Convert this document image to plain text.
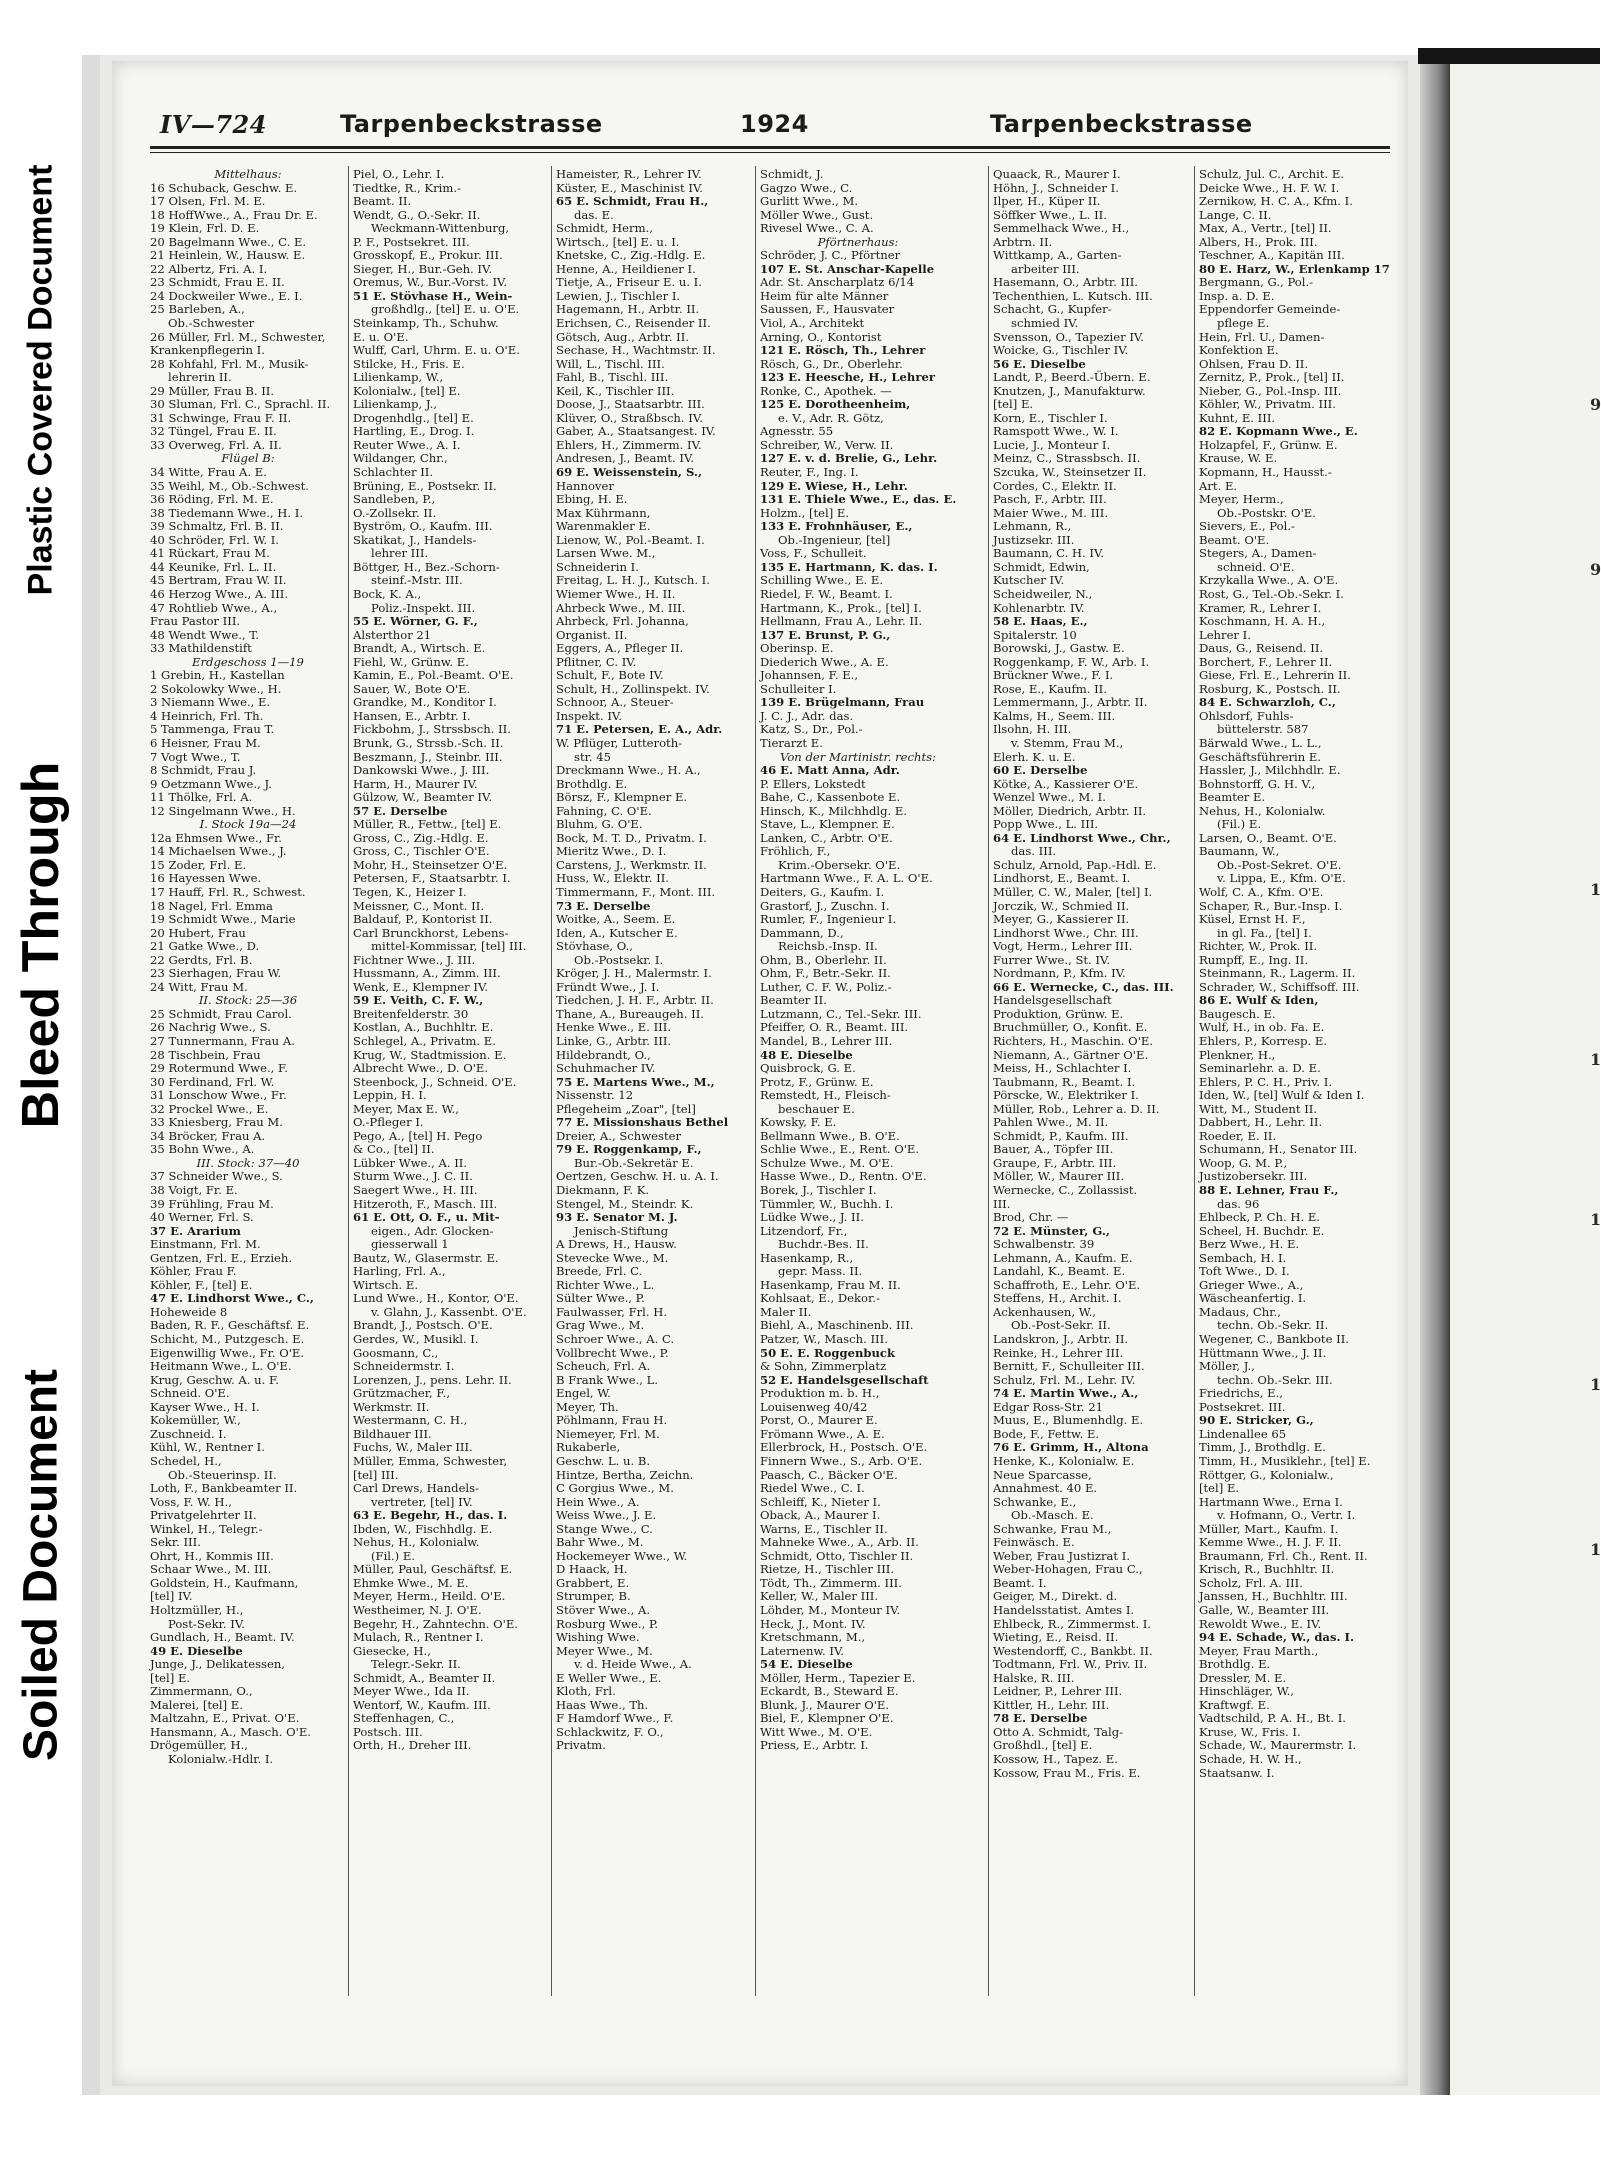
Plastic Covered Document
Bleed Through
Soiled Document
9
9
1
1
1
1
1
IV—724	Tarpenbeckstrasse	1924	Tarpenbeckstrasse
Mittelhaus:
16 Schuback, Geschw. E.
17 Olsen, Frl. M. E.
18 HoffWwe., A., Frau Dr. E.
19 Klein, Frl. D. E.
20 Bagelmann Wwe., C. E.
21 Heinlein, W., Hausw. E.
22 Albertz, Fri. A. I.
23 Schmidt, Frau E. II.
24 Dockweiler Wwe., E. I.
25 Barleben, A.,
Ob.-Schwester
26 Müller, Frl. M., Schwester,
Krankenpflegerin I.
28 Kohfahl, Frl. M., Musik-
lehrerin II.
29 Müller, Frau B. II.
30 Sluman, Frl. C., Sprachl. II.
31 Schwinge, Frau F. II.
32 Tüngel, Frau E. II.
33 Overweg, Frl. A. II.
Flügel B:
34 Witte, Frau A. E.
35 Weihl, M., Ob.-Schwest.
36 Röding, Frl. M. E.
38 Tiedemann Wwe., H. I.
39 Schmaltz, Frl. B. II.
40 Schröder, Frl. W. I.
41 Rückart, Frau M.
44 Keunike, Frl. L. II.
45 Bertram, Frau W. II.
46 Herzog Wwe., A. III.
47 Rohtlieb Wwe., A.,
Frau Pastor III.
48 Wendt Wwe., T.
33 Mathildenstift
Erdgeschoss 1—19
1 Grebin, H., Kastellan
2 Sokolowky Wwe., H.
3 Niemann Wwe., E.
4 Heinrich, Frl. Th.
5 Tammenga, Frau T.
6 Heisner, Frau M.
7 Vogt Wwe., T.
8 Schmidt, Frau J.
9 Oetzmann Wwe., J.
11 Thölke, Frl. A.
12 Singelmann Wwe., H.
I. Stock 19a—24
12a Ehmsen Wwe., Fr.
14 Michaelsen Wwe., J.
15 Zoder, Frl. E.
16 Hayessen Wwe.
17 Hauff, Frl. R., Schwest.
18 Nagel, Frl. Emma
19 Schmidt Wwe., Marie
20 Hubert, Frau
21 Gatke Wwe., D.
22 Gerdts, Frl. B.
23 Sierhagen, Frau W.
24 Witt, Frau M.
II. Stock: 25—36
25 Schmidt, Frau Carol.
26 Nachrig Wwe., S.
27 Tunnermann, Frau A.
28 Tischbein, Frau
29 Rotermund Wwe., F.
30 Ferdinand, Frl. W.
31 Lonschow Wwe., Fr.
32 Prockel Wwe., E.
33 Kniesberg, Frau M.
34 Bröcker, Frau A.
35 Bohn Wwe., A.
III. Stock: 37—40
37 Schneider Wwe., S.
38 Voigt, Fr. E.
39 Frühling, Frau M.
40 Werner, Frl. S.
37 E. Ararium
Einstmann, Frl. M.
Gentzen, Frl. E., Erzieh.
Köhler, Frau F.
Köhler, F., [tel] E.
47 E. Lindhorst Wwe., C.,
Hoheweide 8
Baden, R. F., Geschäftsf. E.
Schicht, M., Putzgesch. E.
Eigenwillig Wwe., Fr. O'E.
Heitmann Wwe., L. O'E.
Krug, Geschw. A. u. F.
Schneid. O'E.
Kayser Wwe., H. I.
Kokemüller, W.,
Zuschneid. I.
Kühl, W., Rentner I.
Schedel, H.,
Ob.-Steuerinsp. II.
Loth, F., Bankbeamter II.
Voss, F. W. H.,
Privatgelehrter II.
Winkel, H., Telegr.-
Sekr. III.
Ohrt, H., Kommis III.
Schaar Wwe., M. III.
Goldstein, H., Kaufmann,
[tel] IV.
Holtzmüller, H.,
Post-Sekr. IV.
Gundlach, H., Beamt. IV.
49 E. Dieselbe
Junge, J., Delikatessen,
[tel] E.
Zimmermann, O.,
Malerei, [tel] E.
Maltzahn, E., Privat. O'E.
Hansmann, A., Masch. O'E.
Drögemüller, H.,
Kolonialw.-Hdlr. I.
Piel, O., Lehr. I.
Tiedtke, R., Krim.-
Beamt. II.
Wendt, G., O.-Sekr. II.
Weckmann-Wittenburg,
P. F., Postsekret. III.
Grosskopf, E., Prokur. III.
Sieger, H., Bur.-Geh. IV.
Oremus, W., Bur.-Vorst. IV.
51 E. Stövhase H., Wein-
großhdlg., [tel] E. u. O'E.
Steinkamp, Th., Schuhw.
E. u. O'E.
Wulff, Carl, Uhrm. E. u. O'E.
Stilcke, H., Fris. E.
Lilienkamp, W.,
Kolonialw., [tel] E.
Lilienkamp, J.,
Drogenhdlg., [tel] E.
Hartling, E., Drog. I.
Reuter Wwe., A. I.
Wildanger, Chr.,
Schlachter II.
Brüning, E., Postsekr. II.
Sandleben, P.,
O.-Zollsekr. II.
Byström, O., Kaufm. III.
Skatikat, J., Handels-
lehrer III.
Böttger, H., Bez.-Schorn-
steinf.-Mstr. III.
Bock, K. A.,
Poliz.-Inspekt. III.
55 E. Wörner, G. F.,
Alsterthor 21
Brandt, A., Wirtsch. E.
Fiehl, W., Grünw. E.
Kamin, E., Pol.-Beamt. O'E.
Sauer, W., Bote O'E.
Grandke, M., Konditor I.
Hansen, E., Arbtr. I.
Fickbohm, J., Strssbsch. II.
Brunk, G., Strssb.-Sch. II.
Beszmann, J., Steinbr. III.
Dankowski Wwe., J. III.
Harm, H., Maurer IV.
Gülzow, W., Beamter IV.
57 E. Derselbe
Müller, R., Fettw., [tel] E.
Gross, C., Zig.-Hdlg. E.
Gross, C., Tischler O'E.
Mohr, H., Steinsetzer O'E.
Petersen, F., Staatsarbtr. I.
Tegen, K., Heizer I.
Meissner, C., Mont. II.
Baldauf, P., Kontorist II.
Carl Brunckhorst, Lebens-
mittel-Kommissar, [tel] III.
Fichtner Wwe., J. III.
Hussmann, A., Zimm. III.
Wenk, E., Klempner IV.
59 E. Veith, C. F. W.,
Breitenfelderstr. 30
Kostlan, A., Buchhltr. E.
Schlegel, A., Privatm. E.
Krug, W., Stadtmission. E.
Albrecht Wwe., D. O'E.
Steenbock, J., Schneid. O'E.
Leppin, H. I.
Meyer, Max E. W.,
O.-Pfleger I.
Pego, A., [tel] H. Pego
& Co., [tel] II.
Lübker Wwe., A. II.
Sturm Wwe., J. C. II.
Saegert Wwe., H. III.
Hitzeroth, F., Masch. III.
61 E. Ott, O. F., u. Mit-
eigen., Adr. Glocken-
giesserwall 1
Bautz, W., Glasermstr. E.
Harling, Frl. A.,
Wirtsch. E.
Lund Wwe., H., Kontor, O'E.
v. Glahn, J., Kassenbt. O'E.
Brandt, J., Postsch. O'E.
Gerdes, W., Musikl. I.
Goosmann, C.,
Schneidermstr. I.
Lorenzen, J., pens. Lehr. II.
Grützmacher, F.,
Werkmstr. II.
Westermann, C. H.,
Bildhauer III.
Fuchs, W., Maler III.
Müller, Emma, Schwester,
[tel] III.
Carl Drews, Handels-
vertreter, [tel] IV.
63 E. Begehr, H., das. I.
Ibden, W., Fischhdlg. E.
Nehus, H., Kolonialw.
(Fil.) E.
Müller, Paul, Geschäftsf. E.
Ehmke Wwe., M. E.
Meyer, Herm., Heild. O'E.
Westheimer, N. J. O'E.
Begehr, H., Zahntechn. O'E.
Mulach, R., Rentner I.
Giesecke, H.,
Telegr.-Sekr. II.
Schmidt, A., Beamter II.
Meyer Wwe., Ida II.
Wentorf, W., Kaufm. III.
Steffenhagen, C.,
Postsch. III.
Orth, H., Dreher III.
Hameister, R., Lehrer IV.
Küster, E., Maschinist IV.
65 E. Schmidt, Frau H.,
das. E.
Schmidt, Herm.,
Wirtsch., [tel] E. u. I.
Knetske, C., Zig.-Hdlg. E.
Henne, A., Heildiener I.
Tietje, A., Friseur E. u. I.
Lewien, J., Tischler I.
Hagemann, H., Arbtr. II.
Erichsen, C., Reisender II.
Götsch, Aug., Arbtr. II.
Sechase, H., Wachtmstr. II.
Will, L., Tischl. III.
Fahl, B., Tischl. III.
Keil, K., Tischler III.
Doose, J., Staatsarbtr. III.
Klüver, O., Straßbsch. IV.
Gaber, A., Staatsangest. IV.
Ehlers, H., Zimmerm. IV.
Andresen, J., Beamt. IV.
69 E. Weissenstein, S.,
Hannover
Ebing, H. E.
Max Kührmann,
Warenmakler E.
Lienow, W., Pol.-Beamt. I.
Larsen Wwe. M.,
Schneiderin I.
Freitag, L. H. J., Kutsch. I.
Wiemer Wwe., H. II.
Ahrbeck Wwe., M. III.
Ahrbeck, Frl. Johanna,
Organist. II.
Eggers, A., Pfleger II.
Pflitner, C. IV.
Schult, F., Bote IV.
Schult, H., Zollinspekt. IV.
Schnoor, A., Steuer-
Inspekt. IV.
71 E. Petersen, E. A., Adr.
W. Pflüger, Lutteroth-
str. 45
Dreckmann Wwe., H. A.,
Brothdlg. E.
Börsz, F., Klempner E.
Fahning, C. O'E.
Bluhm, G. O'E.
Bock, M. T. D., Privatm. I.
Mieritz Wwe., D. I.
Carstens, J., Werkmstr. II.
Huss, W., Elektr. II.
Timmermann, F., Mont. III.
73 E. Derselbe
Woitke, A., Seem. E.
Iden, A., Kutscher E.
Stövhase, O.,
Ob.-Postsekr. I.
Kröger, J. H., Malermstr. I.
Fründt Wwe., J. I.
Tiedchen, J. H. F., Arbtr. II.
Thane, A., Bureaugeh. II.
Henke Wwe., E. III.
Linke, G., Arbtr. III.
Hildebrandt, O.,
Schuhmacher IV.
75 E. Martens Wwe., M.,
Nissenstr. 12
Pflegeheim „Zoar", [tel]
77 E. Missionshaus Bethel
Dreier, A., Schwester
79 E. Roggenkamp, F.,
Bur.-Ob.-Sekretär E.
Oertzen, Geschw. H. u. A. I.
Diekmann, F. K.
Stengel, M., Steindr. K.
93 E. Senator M. J.
Jenisch-Stiftung
A Drews, H., Hausw.
Stevecke Wwe., M.
Breede, Frl. C.
Richter Wwe., L.
Sülter Wwe., P.
Faulwasser, Frl. H.
Grag Wwe., M.
Schroer Wwe., A. C.
Vollbrecht Wwe., P.
Scheuch, Frl. A.
B Frank Wwe., L.
Engel, W.
Meyer, Th.
Pöhlmann, Frau H.
Niemeyer, Frl. M.
Rukaberle,
Geschw. L. u. B.
Hintze, Bertha, Zeichn.
C Gorgius Wwe., M.
Hein Wwe., A.
Weiss Wwe., J. E.
Stange Wwe., C.
Bahr Wwe., M.
Hockemeyer Wwe., W.
D Haack, H.
Grabbert, E.
Strumper, B.
Stöver Wwe., A.
Rosburg Wwe., P.
Wishing Wwe.
Meyer Wwe., M.
v. d. Heide Wwe., A.
E Weller Wwe., E.
Kloth, Frl.
Haas Wwe., Th.
F Hamdorf Wwe., F.
Schlackwitz, F. O.,
Privatm.
Schmidt, J.
Gagzo Wwe., C.
Gurlitt Wwe., M.
Möller Wwe., Gust.
Rivesel Wwe., C. A.
Pförtnerhaus:
Schröder, J. C., Pförtner
107 E. St. Anschar-Kapelle
Adr. St. Anscharplatz 6/14
Heim für alte Männer
Saussen, F., Hausvater
Viol, A., Architekt
Arning, O., Kontorist
121 E. Rösch, Th., Lehrer
Rösch, G., Dr., Oberlehr.
123 E. Heesche, H., Lehrer
Ronke, C., Apothek. —
125 E. Dorotheenheim,
e. V., Adr. R. Götz,
Agnesstr. 55
Schreiber, W., Verw. II.
127 E. v. d. Brelie, G., Lehr.
Reuter, F., Ing. I.
129 E. Wiese, H., Lehr.
131 E. Thiele Wwe., E., das. E.
Holzm., [tel] E.
133 E. Frohnhäuser, E.,
Ob.-Ingenieur, [tel]
Voss, F., Schulleit.
135 E. Hartmann, K. das. I.
Schilling Wwe., E. E.
Riedel, F. W., Beamt. I.
Hartmann, K., Prok., [tel] I.
Hellmann, Frau A., Lehr. II.
137 E. Brunst, P. G.,
Oberinsp. E.
Diederich Wwe., A. E.
Johannsen, F. E.,
Schulleiter I.
139 E. Brügelmann, Frau
J. C. J., Adr. das.
Katz, S., Dr., Pol.-
Tierarzt E.
Von der Martinistr. rechts:
46 E. Matt Anna, Adr.
P. Ellers, Lokstedt
Bahe, C., Kassenbote E.
Hinsch, K., Milchhdlg. E.
Stave, L., Klempner. E.
Lanken, C., Arbtr. O'E.
Fröhlich, F.,
Krim.-Obersekr. O'E.
Hartmann Wwe., F. A. L. O'E.
Deiters, G., Kaufm. I.
Grastorf, J., Zuschn. I.
Rumler, F., Ingenieur I.
Dammann, D.,
Reichsb.-Insp. II.
Ohm, B., Oberlehr. II.
Ohm, F., Betr.-Sekr. II.
Luther, C. F. W., Poliz.-
Beamter II.
Lutzmann, C., Tel.-Sekr. III.
Pfeiffer, O. R., Beamt. III.
Mandel, B., Lehrer III.
48 E. Dieselbe
Quisbrock, G. E.
Protz, F., Grünw. E.
Remstedt, H., Fleisch-
beschauer E.
Kowsky, F. E.
Bellmann Wwe., B. O'E.
Schlie Wwe., E., Rent. O'E.
Schulze Wwe., M. O'E.
Hasse Wwe., D., Rentn. O'E.
Borek, J., Tischler I.
Tümmler, W., Buchh. I.
Lüdke Wwe., J. II.
Litzendorf, Fr.,
Buchdr.-Bes. II.
Hasenkamp, R.,
gepr. Mass. II.
Hasenkamp, Frau M. II.
Kohlsaat, E., Dekor.-
Maler II.
Biehl, A., Maschinenb. III.
Patzer, W., Masch. III.
50 E. E. Roggenbuck
& Sohn, Zimmerplatz
52 E. Handelsgesellschaft
Produktion m. b. H.,
Louisenweg 40/42
Porst, O., Maurer E.
Frömann Wwe., A. E.
Ellerbrock, H., Postsch. O'E.
Finnern Wwe., S., Arb. O'E.
Paasch, C., Bäcker O'E.
Riedel Wwe., C. I.
Schleiff, K., Nieter I.
Oback, A., Maurer I.
Warns, E., Tischler II.
Mahneke Wwe., A., Arb. II.
Schmidt, Otto, Tischler II.
Rietze, H., Tischler III.
Tödt, Th., Zimmerm. III.
Keller, W., Maler III.
Löhder, M., Monteur IV.
Heck, J., Mont. IV.
Kretschmann, M.,
Laternenw. IV.
54 E. Dieselbe
Möller, Herm., Tapezier E.
Eckardt, B., Steward E.
Blunk, J., Maurer O'E.
Biel, F., Klempner O'E.
Witt Wwe., M. O'E.
Priess, E., Arbtr. I.
Quaack, R., Maurer I.
Höhn, J., Schneider I.
Ilper, H., Küper II.
Söffker Wwe., L. II.
Semmelhack Wwe., H.,
Arbtrn. II.
Wittkamp, A., Garten-
arbeiter III.
Hasemann, O., Arbtr. III.
Techenthien, L. Kutsch. III.
Schacht, G., Kupfer-
schmied IV.
Svensson, O., Tapezier IV.
Woicke, G., Tischler IV.
56 E. Dieselbe
Landt, P., Beerd.-Übern. E.
Knutzen, J., Manufakturw.
[tel] E.
Korn, E., Tischler I.
Ramspott Wwe., W. I.
Lucie, J., Monteur I.
Meinz, C., Strassbsch. II.
Szcuka, W., Steinsetzer II.
Cordes, C., Elektr. II.
Pasch, F., Arbtr. III.
Maier Wwe., M. III.
Lehmann, R.,
Justizsekr. III.
Baumann, C. H. IV.
Schmidt, Edwin,
Kutscher IV.
Scheidweiler, N.,
Kohlenarbtr. IV.
58 E. Haas, E.,
Spitalerstr. 10
Borowski, J., Gastw. E.
Roggenkamp, F. W., Arb. I.
Brückner Wwe., F. I.
Rose, E., Kaufm. II.
Lemmermann, J., Arbtr. II.
Kalms, H., Seem. III.
Ilsohn, H. III.
v. Stemm, Frau M.,
Elerh. K. u. E.
60 E. Derselbe
Kötke, A., Kassierer O'E.
Wenzel Wwe., M. I.
Möller, Diedrich, Arbtr. II.
Popp Wwe., L. III.
64 E. Lindhorst Wwe., Chr.,
das. III.
Schulz, Arnold, Pap.-Hdl. E.
Lindhorst, E., Beamt. I.
Müller, C. W., Maler, [tel] I.
Jorczik, W., Schmied II.
Meyer, G., Kassierer II.
Lindhorst Wwe., Chr. III.
Vogt, Herm., Lehrer III.
Furrer Wwe., St. IV.
Nordmann, P., Kfm. IV.
66 E. Wernecke, C., das. III.
Handelsgesellschaft
Produktion, Grünw. E.
Bruchmüller, O., Konfit. E.
Richters, H., Maschin. O'E.
Niemann, A., Gärtner O'E.
Meiss, H., Schlachter I.
Taubmann, R., Beamt. I.
Pörscke, W., Elektriker I.
Müller, Rob., Lehrer a. D. II.
Pahlen Wwe., M. II.
Schmidt, P., Kaufm. III.
Bauer, A., Töpfer III.
Graupe, F., Arbtr. III.
Möller, W., Maurer III.
Wernecke, C., Zollassist.
III.
Brod, Chr. —
72 E. Münster, G.,
Schwalbenstr. 39
Lehmann, A., Kaufm. E.
Landahl, K., Beamt. E.
Schaffroth, E., Lehr. O'E.
Steffens, H., Archit. I.
Ackenhausen, W.,
Ob.-Post-Sekr. II.
Landskron, J., Arbtr. II.
Reinke, H., Lehrer III.
Bernitt, F., Schulleiter III.
Schulz, Frl. M., Lehr. IV.
74 E. Martin Wwe., A.,
Edgar Ross-Str. 21
Muus, E., Blumenhdlg. E.
Bode, F., Fettw. E.
76 E. Grimm, H., Altona
Henke, K., Kolonialw. E.
Neue Sparcasse,
Annahmest. 40 E.
Schwanke, E.,
Ob.-Masch. E.
Schwanke, Frau M.,
Feinwäsch. E.
Weber, Frau Justizrat I.
Weber-Hohagen, Frau C.,
Beamt. I.
Geiger, M., Direkt. d.
Handelsstatist. Amtes I.
Ehlbeck, R., Zimmermst. I.
Wieting, E., Reisd. II.
Westendorff, C., Bankbt. II.
Todtmann, Frl. W., Priv. II.
Halske, R. III.
Leidner, P., Lehrer III.
Kittler, H., Lehr. III.
78 E. Derselbe
Otto A. Schmidt, Talg-
Großhdl., [tel] E.
Kossow, H., Tapez. E.
Kossow, Frau M., Fris. E.
Schulz, Jul. C., Archit. E.
Deicke Wwe., H. F. W. I.
Zernikow, H. C. A., Kfm. I.
Lange, C. II.
Max, A., Vertr., [tel] II.
Albers, H., Prok. III.
Teschner, A., Kapitän III.
80 E. Harz, W., Erlenkamp 17
Bergmann, G., Pol.-
Insp. a. D. E.
Eppendorfer Gemeinde-
pflege E.
Hein, Frl. U., Damen-
Konfektion E.
Ohlsen, Frau D. II.
Zernitz, P., Prok., [tel] II.
Nieber, G., Pol.-Insp. III.
Köhler, W., Privatm. III.
Kuhnt, E. III.
82 E. Kopmann Wwe., E.
Holzapfel, F., Grünw. E.
Krause, W. E.
Kopmann, H., Hausst.-
Art. E.
Meyer, Herm.,
Ob.-Postskr. O'E.
Sievers, E., Pol.-
Beamt. O'E.
Stegers, A., Damen-
schneid. O'E.
Krzykalla Wwe., A. O'E.
Rost, G., Tel.-Ob.-Sekr. I.
Kramer, R., Lehrer I.
Koschmann, H. A. H.,
Lehrer I.
Daus, G., Reisend. II.
Borchert, F., Lehrer II.
Giese, Frl. E., Lehrerin II.
Rosburg, K., Postsch. II.
84 E. Schwarzloh, C.,
Ohlsdorf, Fuhls-
büttelerstr. 587
Bärwald Wwe., L. L.,
Geschäftsführerin E.
Hassler, J., Milchhdlr. E.
Bohnstorff, G. H. V.,
Beamter E.
Nehus, H., Kolonialw.
(Fil.) E.
Larsen, O., Beamt. O'E.
Baumann, W.,
Ob.-Post-Sekret. O'E.
v. Lippa, E., Kfm. O'E.
Wolf, C. A., Kfm. O'E.
Schaper, R., Bur.-Insp. I.
Küsel, Ernst H. F.,
in gl. Fa., [tel] I.
Richter, W., Prok. II.
Rumpff, E., Ing. II.
Steinmann, R., Lagerm. II.
Schrader, W., Schiffsoff. III.
86 E. Wulf & Iden,
Baugesch. E.
Wulf, H., in ob. Fa. E.
Ehlers, P., Korresp. E.
Plenkner, H.,
Seminarlehr. a. D. E.
Ehlers, P. C. H., Priv. I.
Iden, W., [tel] Wulf & Iden I.
Witt, M., Student II.
Dabbert, H., Lehr. II.
Roeder, E. II.
Schumann, H., Senator III.
Woop, G. M. P.,
Justizobersekr. III.
88 E. Lehner, Frau F.,
das. 96
Ehlbeck, P. Ch. H. E.
Scheel, H. Buchdr. E.
Berz Wwe., H. E.
Sembach, H. I.
Toft Wwe., D. I.
Grieger Wwe., A.,
Wäscheanfertig. I.
Madaus, Chr.,
techn. Ob.-Sekr. II.
Wegener, C., Bankbote II.
Hüttmann Wwe., J. II.
Möller, J.,
techn. Ob.-Sekr. III.
Friedrichs, E.,
Postsekret. III.
90 E. Stricker, G.,
Lindenallee 65
Timm, J., Brothdlg. E.
Timm, H., Musiklehr., [tel] E.
Röttger, G., Kolonialw.,
[tel] E.
Hartmann Wwe., Erna I.
v. Hofmann, O., Vertr. I.
Müller, Mart., Kaufm. I.
Kemme Wwe., H. J. F. II.
Braumann, Frl. Ch., Rent. II.
Krisch, R., Buchhltr. II.
Scholz, Frl. A. III.
Janssen, H., Buchhltr. III.
Galle, W., Beamter III.
Rewoldt Wwe., E. IV.
94 E. Schade, W., das. I.
Meyer, Frau Marth.,
Brothdlg. E.
Dressler, M. E.
Hinschläger, W.,
Kraftwgf. E.
Vadtschild, P. A. H., Bt. I.
Kruse, W., Fris. I.
Schade, W., Maurermstr. I.
Schade, H. W. H.,
Staatsanw. I.
